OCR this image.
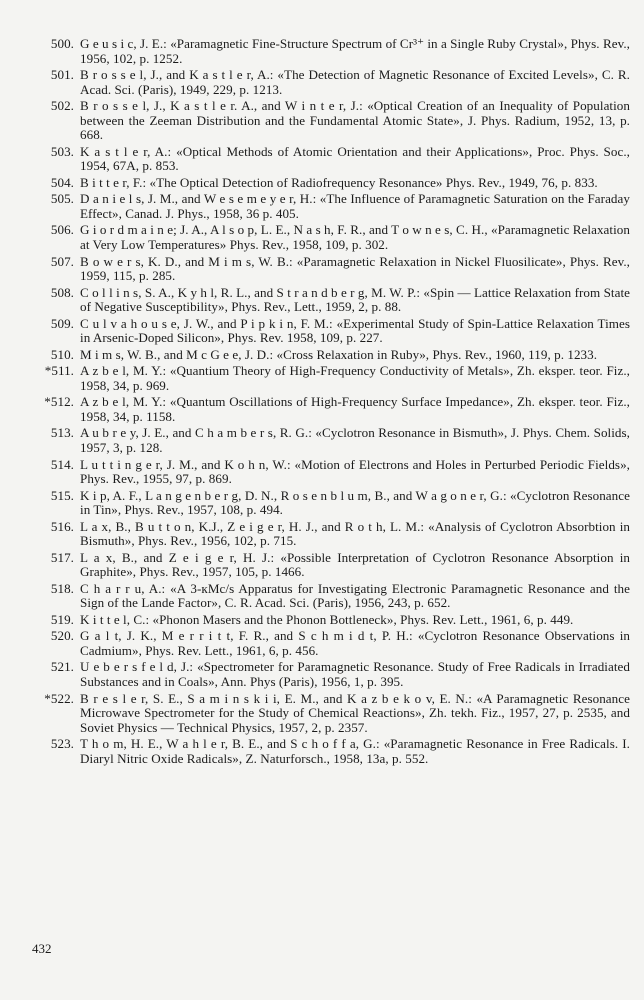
500. G e u s i c, J. E.: «Paramagnetic Fine-Structure Spectrum of Cr³⁺ in a Single Ruby Crystal», Phys. Rev., 1956, 102, p. 1252.
501. B r o s s e l, J., and K a s t l e r, A.: «The Detection of Magnetic Resonance of Excited Levels», C. R. Acad. Sci. (Paris), 1949, 229, p. 1213.
502. B r o s s e l, J., K a s t l e r. A., and W i n t e r, J.: «Optical Creation of an Inequality of Population between the Zeeman Distribution and the Fundamental Atomic State», J. Phys. Radium, 1952, 13, p. 668.
503. K a s t l e r, A.: «Optical Methods of Atomic Orientation and their Applications», Proc. Phys. Soc., 1954, 67A, p. 853.
504. B i t t e r, F.: «The Optical Detection of Radiofrequency Resonance» Phys. Rev., 1949, 76, p. 833.
505. D a n i e l s, J. M., and W e s e m e y e r, H.: «The Influence of Paramagnetic Saturation on the Faraday Effect», Canad. J. Phys., 1958, 36 p. 405.
506. G i o r d m a i n e; J. A., A l s o p, L. E., N a s h, F. R., and T o w n e s, C. H., «Paramagnetic Relaxation at Very Low Temperatures» Phys. Rev., 1958, 109, p. 302.
507. B o w e r s, K. D., and M i m s, W. B.: «Paramagnetic Relaxation in Nickel Fluosilicate», Phys. Rev., 1959, 115, p. 285.
508. C o l l i n s, S. A., K y h l, R. L., and S t r a n d b e r g, M. W. P.: «Spin — Lattice Relaxation from State of Negative Susceptibility», Phys. Rev., Lett., 1959, 2, p. 88.
509. C u l v a h o u s e, J. W., and P i p k i n, F. M.: «Experimental Study of Spin-Lattice Relaxation Times in Arsenic-Doped Silicon», Phys. Rev. 1958, 109, p. 227.
510. M i m s, W. B., and M c G e e, J. D.: «Cross Relaxation in Ruby», Phys. Rev., 1960, 119, p. 1233.
*511. A z b e l, M. Y.: «Quantium Theory of High-Frequency Conductivity of Metals», Zh. eksper. teor. Fiz., 1958, 34, p. 969.
*512. A z b e l, M. Y.: «Quantum Oscillations of High-Frequency Surface Impedance», Zh. eksper. teor. Fiz., 1958, 34, p. 1158.
513. A u b r e y, J. E., and C h a m b e r s, R. G.: «Cyclotron Resonance in Bismuth», J. Phys. Chem. Solids, 1957, 3, p. 128.
514. L u t t i n g e r, J. M., and K o h n, W.: «Motion of Electrons and Holes in Perturbed Periodic Fields», Phys. Rev., 1955, 97, p. 869.
515. K i p, A. F., L a n g e n b e r g, D. N., R o s e n b l u m, B., and W a g o n e r, G.: «Cyclotron Resonance in Tin», Phys. Rev., 1957, 108, p. 494.
516. L a x, B., B u t t o n, K.J., Z e i g e r, H. J., and R o t h, L. M.: «Analysis of Cyclotron Absorbtion in Bismuth», Phys. Rev., 1956, 102, p. 715.
517. L a x, B., and Z e i g e r, H. J.: «Possible Interpretation of Cyclotron Resonance Absorption in Graphite», Phys. Rev., 1957, 105, p. 1466.
518. C h a r r u, A.: «A 3-кMc/s Apparatus for Investigating Electronic Paramagnetic Resonance and the Sign of the Lande Factor», C. R. Acad. Sci. (Paris), 1956, 243, p. 652.
519. K i t t e l, C.: «Phonon Masers and the Phonon Bottleneck», Phys. Rev. Lett., 1961, 6, p. 449.
520. G a l t, J. K., M e r r i t t, F. R., and S c h m i d t, P. H.: «Cyclotron Resonance Observations in Cadmium», Phys. Rev. Lett., 1961, 6, p. 456.
521. U e b e r s f e l d, J.: «Spectrometer for Paramagnetic Resonance. Study of Free Radicals in Irradiated Substances and in Coals», Ann. Phys (Paris), 1956, 1, p. 395.
*522. B r e s l e r, S. E., S a m i n s k i i, E. M., and K a z b e k o v, E. N.: «A Paramagnetic Resonance Microwave Spectrometer for the Study of Chemical Reactions», Zh. tekh. Fiz., 1957, 27, p. 2535, and Soviet Physics — Technical Physics, 1957, 2, p. 2357.
523. T h o m, H. E., W a h l e r, B. E., and S c h o f f a, G.: «Paramagnetic Resonance in Free Radicals. I. Diaryl Nitric Oxide Radicals», Z. Naturforsch., 1958, 13a, p. 552.
432
